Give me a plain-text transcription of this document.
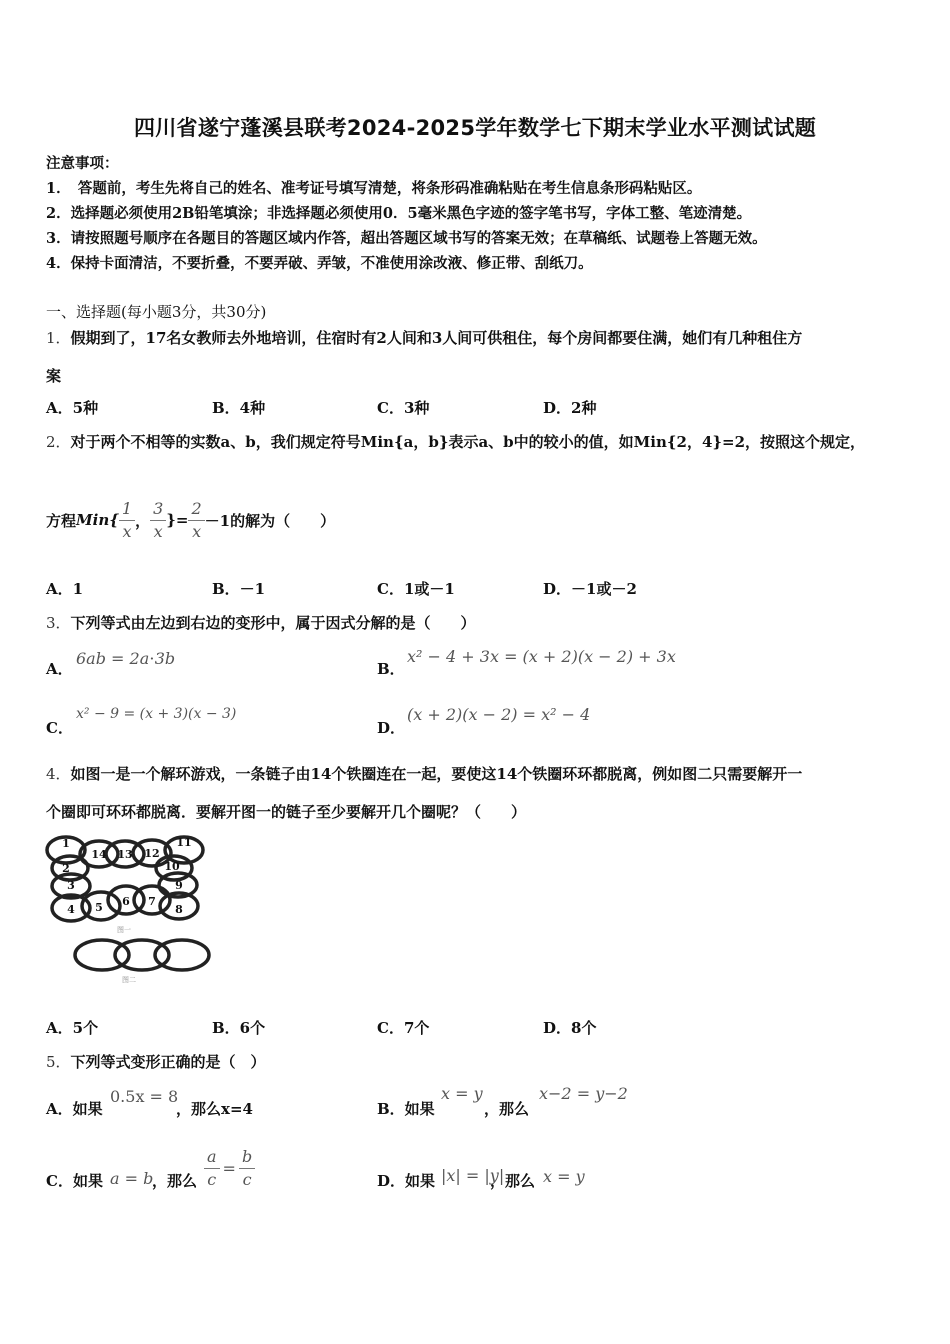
四川省遂宁蓬溪县联考2024-2025学年数学七下期末学业水平测试试题
注意事项：
1．　答题前，考生先将自己的姓名、准考证号填写清楚，将条形码准确粘贴在考生信息条形码粘贴区。
2．选择题必须使用2B铅笔填涂；非选择题必须使用0．5毫米黑色字迹的签字笔书写，字体工整、笔迹清楚。
3．请按照题号顺序在各题目的答题区域内作答，超出答题区域书写的答案无效；在草稿纸、试题卷上答题无效。
4．保持卡面清洁，不要折叠，不要弄破、弄皱，不准使用涂改液、修正带、刮纸刀。
一、选择题(每小题3分，共30分)
1．假期到了，17名女教师去外地培训，住宿时有2人间和3人间可供租住，每个房间都要住满，她们有几种租住方
案
A．5种	B．4种	C．3种	D．2种
2．对于两个不相等的实数a、b，我们规定符号Min{a，b}表示a、b中的较小的值，如Min{2，4}=2，按照这个规定，
方程 $Min\{ \frac{1}{x}$ ， $\frac{3}{x}$ }= $\frac{2}{x} -1$的解为（　　）
A．1	B．－1	C．1或－1	D．－1或－2
3．下列等式由左边到右边的变形中，属于因式分解的是（　　）
A．
6ab = 2a⋅3b
B．
x² − 4 + 3x = (x + 2)(x − 2) + 3x
C．
x² − 9 = (x + 3)(x − 3)
D．
(x + 2)(x − 2) = x² − 4
4．如图一是一个解环游戏，一条链子由14个铁圈连在一起，要使这14个铁圈环环都脱离，例如图二只需要解开一
个圈即可环环都脱离．要解开图一的链子至少要解开几个圈呢？（　　）
1
14 13 12
11
2	10
3	9
4 5 6 7
8
图一
图二
A．5个	B．6个	C．7个	D．8个
5．下列等式变形正确的是（　）
A．如果
0.5x = 8
，那么x=4	B．如果
x = y
，那么
x−2 = y−2
C．如果 a = b
，那么 $\frac{a}{c} = \frac{b}{c}$	D．如果 |x| = |y|
，那么 x = y
